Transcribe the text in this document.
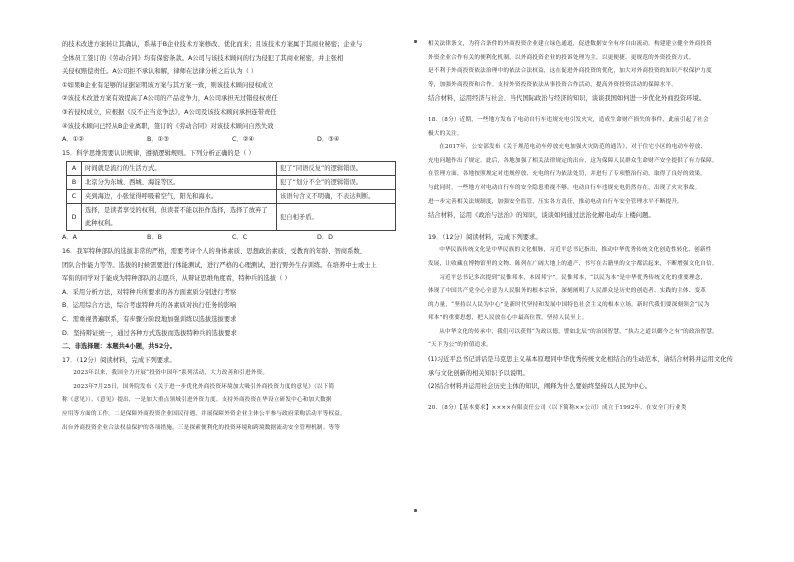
的技术改进方案转让其确认，系基于B企业技术方案修改、优化而来；且该技术方案属于其商业秘密；企业与

全体员工签订的《劳动合同》均有保密条款。A公司与该技术顾问的行为侵犯了其商业秘密，并主张相

关侵权赔偿责任。A公司拒不承认和解，律师在法律分析之后认为（ ）

①如果B企业有足够的证据证明该方案与其方案一致，则该技术顾问侵权成立

②该技术改进方案有效提高了A公司的产品竞争力，A公司承担无过错侵权责任

③若侵权成立，应根据《反不正当竞争法》，A公司及该技术顾问承担连带责任

④该技术顾问已经从B企业离职，签订的《劳动合同》对该技术顾问自然失效

A．①②	B．①③	C．②④	D．③④

15．科学思维需要认识规律，遵循逻辑规则。下列分析正确的是（ ）

A	时间就是流行的生活方式。	犯了“同语反复”的逻辑错误。
B	北京分为东城、西城、海淀等区。	犯了“划分不全”的逻辑错误。
C	夹到海边，小张觉得呼吸着空气，阳光和海水。	该语句含义不明确，不表达判断。
D	选择，是读者享受的权利，但读者不能以拒作选择，选择了放弃了此种权利。	犯自相矛盾。
A．A	B．B	C．C	D．D

16．我军特种部队的选拔非常的严格，需要考评个人的身体素质、思想政治素质、受教育的年龄、智商系数、

团队合作能力等等。选拔的时候需要进行体能测试，进行严格的心理测试，进行野外生存训练。在培养中士或士上

军衔的同学对于能成为特种部队的志愿兵，从辩证思维角度看，特种兵的选拔（ ）

A．采用分析方法，对特种兵所要求的各方面素质分别进行考察

B．运用综合方法，综合考虑特种兵的各素质对执行任务的影响

C．需重视普遍联系，有步骤分阶段地加强训练以选拔选拔要求

D．坚持辩证统一，通过各种方式选拔而选拔特种兵的选拔要求

二、非选择题：本题共4小题，共52分。

17．（12分）阅读材料，完成下列要求。

2023年以来，我国全力开展“投资中国年”系列活动，大力改善和引进外资。

2023年7月25日，国务院发布《关于进一步优化外商投资环境加大吸引外商投资力度的意见》（以下简

称《意见》）。《意见》提出，一是加大重点领域引进外资力度。支持外商投资在华设立研发中心和加大数据

应用等方面的工作。二是保障外商投资企业国民待遇，并展保障外资企业主体公平参与政府采购活动平等权益，

出台外商投资企业合法权益保护的各项措施。三是探索便利化的投资环境和跨境数据流动安全管理机制。等等

相关法律条文，为符合条件的外商投资企业建立绿色通道，促进数据安全有序自由流动。构建建立健全外商投资

外资企业合作有关的便利化机制，以外商投资企业的投诉处理为主，以更便捷、更规范的外资投资方式。

是不利于外商投资依法治理中的依法合法权益，这在促进外商投资的优化，加大对外商投资的知识产权保护力度

等，加强外商投资和合作。支持外资投资依法从事投资合作活动，提高外资投资活动的保障水平。

结合材料，运用经济与社会、当代国际政治与经济的知识，谈谈我国如何进一步优化外商投资环境。

18．（8分）近期，一些地方发布了电动自行车违规充电引发火灾，造成生命财产损失的事件，此前引起了社会

极大的关注。

在2017年，公安部发布《关于规范电动车停放充电加强火灾防范的通告》，对于住宅小区的电动车停放、

充电问题作出了规定。此后，各地加强了相关法律规定的出台，这为保障人民群众生命财产安全提供了有力保障。

在管理方面，各地按照规定对违规停放、充电的行为依法处罚，并进行了专项整治行动，取得了良好的效果。

与此同时，一些地方对电动自行车的安全隐患重视不够，电动自行车违规充电仍然存在，出现了火灾事故。

进一步完善相关法规制度，加强安全监管，压实各方责任，推动电动自行车安全管理水平不断提升。

结合材料，运用《政治与法治》的知识，谈谈如何通过法治化解电动车上楼问题。

19．（12分）阅读材料，完成下列要求。

中华民族传统文化是中华民族的文化根脉，习近平总书记指出，推动中华优秀传统文化创造性转化、创新性

发展，让收藏在博物馆里的文物、陈列在广阔大地上的遗产、书写在古籍里的文字都活起来，不断增强文化自信。

习近平总书记多次提到“民惟邦本，本固邦宁”。民惟邦本，“以民为本”是中华优秀传统文化的重要理念，

体现了中国共产党全心全意为人民服务的根本宗旨，深刻阐明了人民群众是历史的创造者、实践的主体、变革

的力量，“坚持以人民为中心”是新时代坚持和发展中国特色社会主义的根本立场。新时代我们要深刻领会“民为

邦本”的重要思想，把人民放在心中最高位置，坚持人民至上。

从中华文化的传承中，我们可以获得“为政以德，譬如北辰”的治国智慧，“执古之道以御今之有”的政治智慧，

“天下为公”的价值追求。

(1)习近平总书记讲话是马克思主义基本原理同中华优秀传统文化相结合的生动范本，请结合材料并运用文化传

承与文化创新的相关知识予以说明。

(2)结合材料并运用社会历史主体的知识，阐释为什么要始终坚持以人民为中心。

20．（8分）【基本要求】××××有限责任公司（以下简称××公司）成立于1992年，在安全门行业类
